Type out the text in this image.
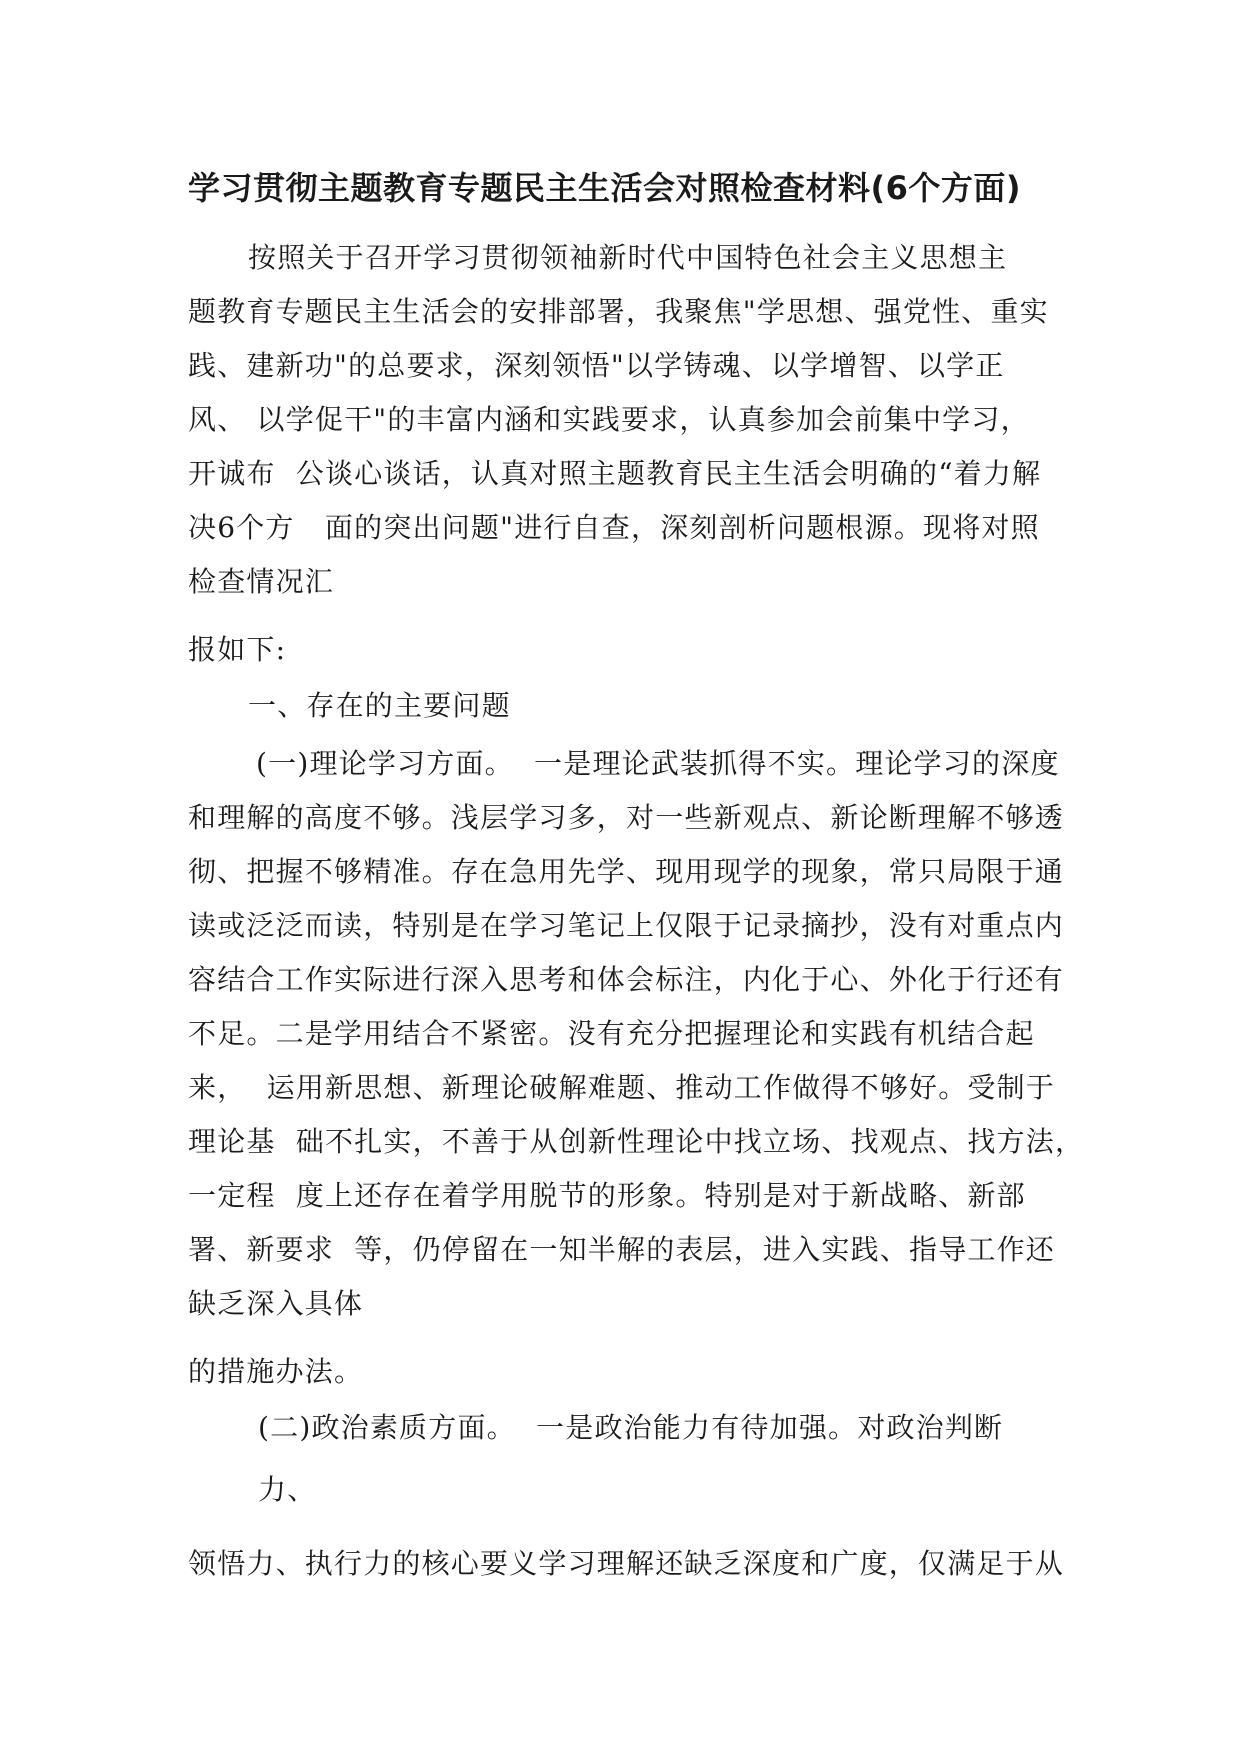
学习贯彻主题教育专题民主生活会对照检查材料(6个方面)

按照关于召开学习贯彻领袖新时代中国特色社会主义思想主

题教育专题民主生活会的安排部署，我聚焦"学思想、强党性、重实

践、建新功"的总要求，深刻领悟"以学铸魂、以学增智、以学正

风、 以学促干"的丰富内涵和实践要求，认真参加会前集中学习，

开诚布  公谈心谈话，认真对照主题教育民主生活会明确的“着力解

决6个方   面的突出问题"进行自查，深刻剖析问题根源。现将对照

检查情况汇

报如下:

一、存在的主要问题

(一)理论学习方面。  一是理论武装抓得不实。理论学习的深度

和理解的高度不够。浅层学习多，对一些新观点、新论断理解不够透

彻、把握不够精准。存在急用先学、现用现学的现象，常只局限于通

读或泛泛而读，特别是在学习笔记上仅限于记录摘抄，没有对重点内

容结合工作实际进行深入思考和体会标注，内化于心、外化于行还有

不足。二是学用结合不紧密。没有充分把握理论和实践有机结合起

来，  运用新思想、新理论破解难题、推动工作做得不够好。受制于

理论基  础不扎实，不善于从创新性理论中找立场、找观点、找方法，

一定程  度上还存在着学用脱节的形象。特别是对于新战略、新部

署、新要求  等，仍停留在一知半解的表层，进入实践、指导工作还

缺乏深入具体

的措施办法。

(二)政治素质方面。  一是政治能力有待加强。对政治判断

力、

领悟力、执行力的核心要义学习理解还缺乏深度和广度，仅满足于从
